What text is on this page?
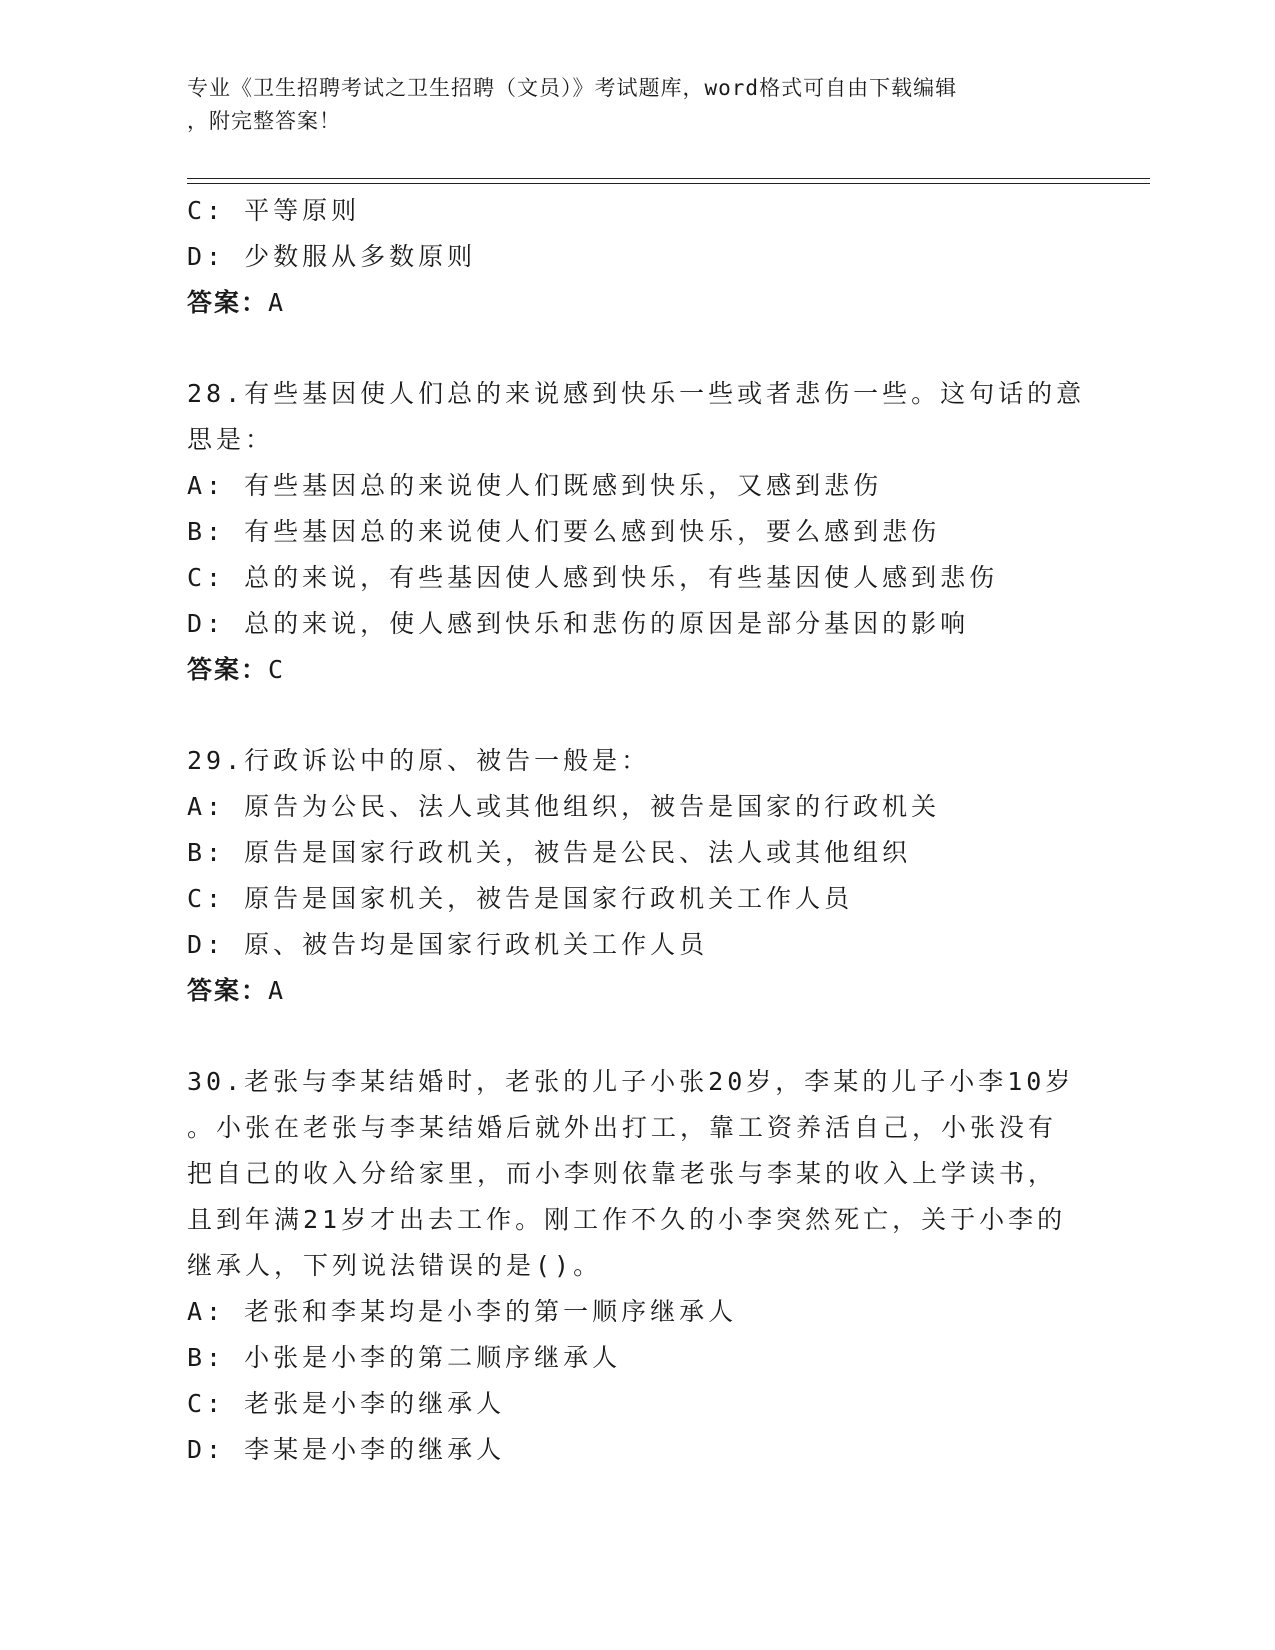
专业《卫生招聘考试之卫生招聘（文员）》考试题库，word格式可自由下载编辑
，附完整答案！
C: 平等原则
D: 少数服从多数原则
答案：A
28.有些基因使人们总的来说感到快乐一些或者悲伤一些。这句话的意
思是：
A: 有些基因总的来说使人们既感到快乐，又感到悲伤
B: 有些基因总的来说使人们要么感到快乐，要么感到悲伤
C: 总的来说，有些基因使人感到快乐，有些基因使人感到悲伤
D: 总的来说，使人感到快乐和悲伤的原因是部分基因的影响
答案：C
29.行政诉讼中的原、被告一般是：
A: 原告为公民、法人或其他组织，被告是国家的行政机关
B: 原告是国家行政机关，被告是公民、法人或其他组织
C: 原告是国家机关，被告是国家行政机关工作人员
D: 原、被告均是国家行政机关工作人员
答案：A
30.老张与李某结婚时，老张的儿子小张20岁，李某的儿子小李10岁
。小张在老张与李某结婚后就外出打工，靠工资养活自己，小张没有
把自己的收入分给家里，而小李则依靠老张与李某的收入上学读书，
且到年满21岁才出去工作。刚工作不久的小李突然死亡，关于小李的
继承人，下列说法错误的是()。
A: 老张和李某均是小李的第一顺序继承人
B: 小张是小李的第二顺序继承人
C: 老张是小李的继承人
D: 李某是小李的继承人
